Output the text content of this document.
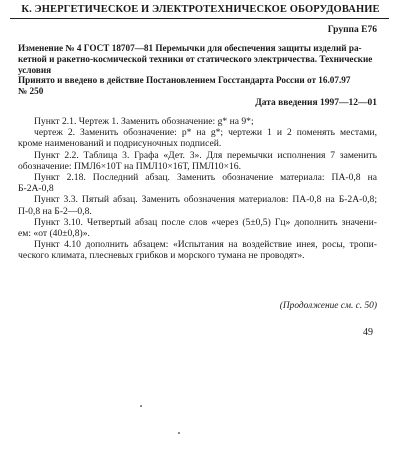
К. ЭНЕРГЕТИЧЕСКОЕ И ЭЛЕКТРОТЕХНИЧЕСКОЕ ОБОРУДОВАНИЕ
Группа Е76
Изменение № 4 ГОСТ 18707—81 Перемычки для обеспечения защиты изделий ра-
кетной и ракетно-космической техники от статического электричества. Технические
условия
Принято и введено в действие Постановлением Госстандарта России от 16.07.97
№ 250
Дата введения 1997—12—01
Пункт 2.1. Чертеж 1. Заменить обозначение: g* на 9*;
чертеж 2. Заменить обозначение: р* на g*; чертежи 1 и 2 поменять местами,
кроме наименований и подрисуночных подписей.
Пункт 2.2. Таблица 3. Графа «Дет. 3». Для перемычки исполнения 7 заменить
обозначение: ПМЛ6×10Т на ПМЛ10×16Т, ПМЛ10×16.
Пункт 2.18. Последний абзац. Заменить обозначение материала: ПА-0,8 на
Б-2А-0,8
Пункт 3.3. Пятый абзац. Заменить обозначения материалов: ПА-0,8 на Б-2А-0,8;
П-0,8 на Б-2—0,8.
Пункт 3.10. Четвертый абзац после слов «через (5±0,5) Гц» дополнить значени-
ем: «от (40±0,8)».
Пункт 4.10 дополнить абзацем: «Испытания на воздействие инея, росы, тропи-
ческого климата, плесневых грибков и морского тумана не проводят».
(Продолжение см. с. 50)
49
